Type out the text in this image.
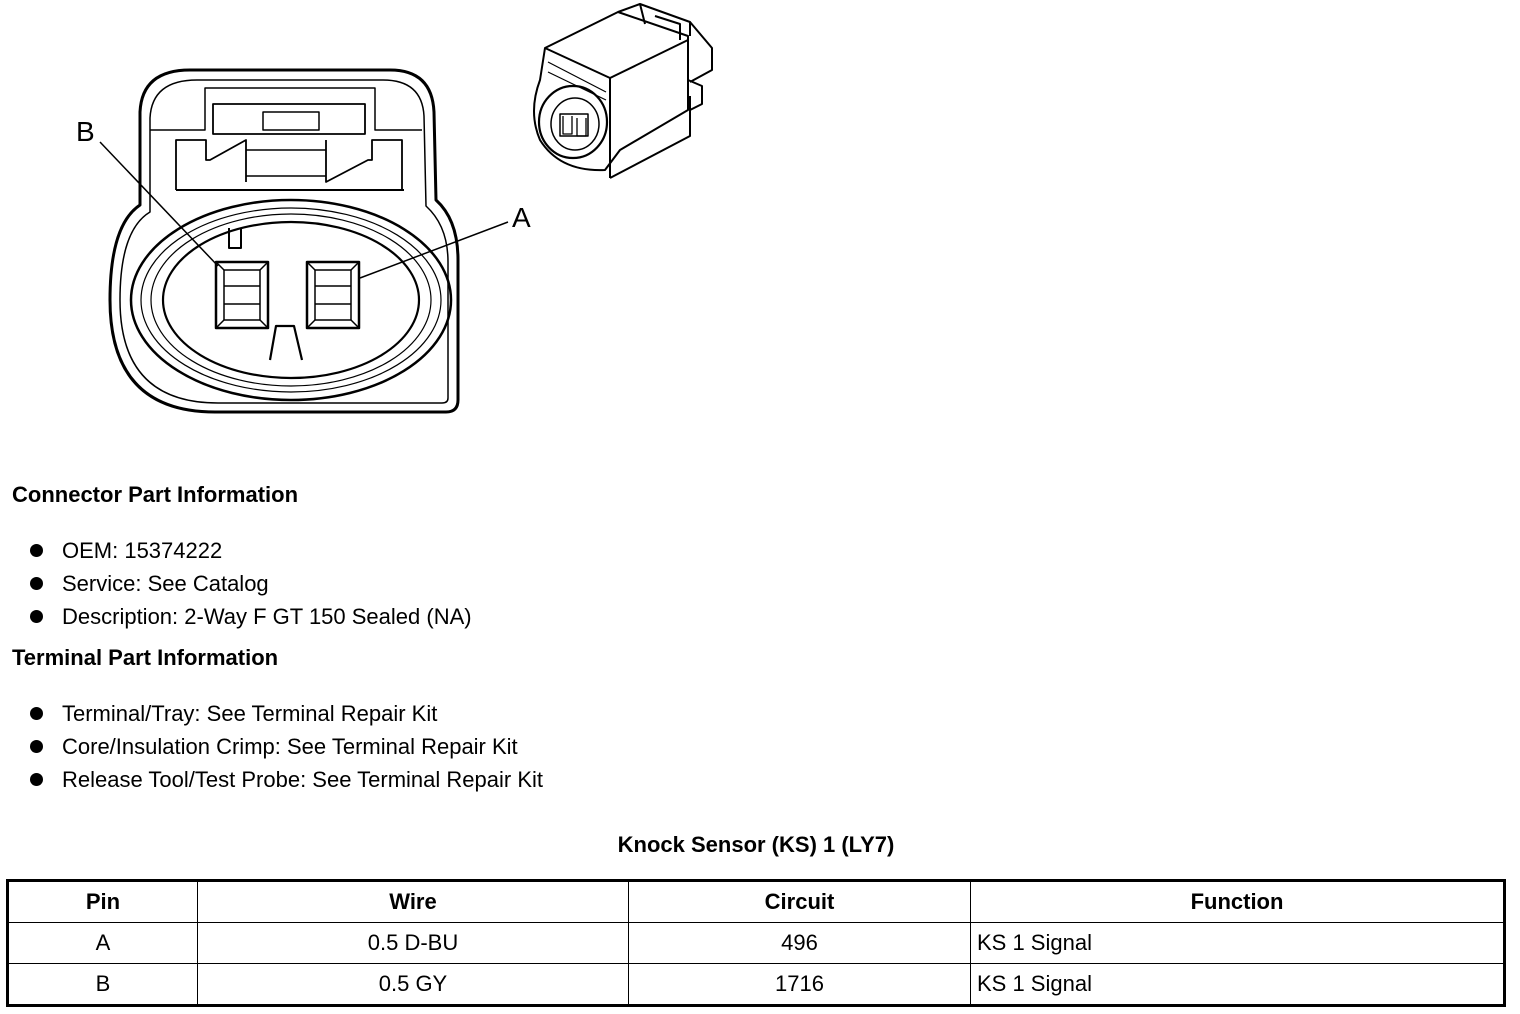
B
A
Connector Part Information
OEM: 15374222
Service: See Catalog
Description: 2-Way F GT 150 Sealed (NA)
Terminal Part Information
Terminal/Tray: See Terminal Repair Kit
Core/Insulation Crimp: See Terminal Repair Kit
Release Tool/Test Probe: See Terminal Repair Kit
Knock Sensor (KS) 1 (LY7)
Pin	Wire	Circuit	Function
A	0.5 D-BU	496	KS 1 Signal
B	0.5 GY	1716	KS 1 Signal
